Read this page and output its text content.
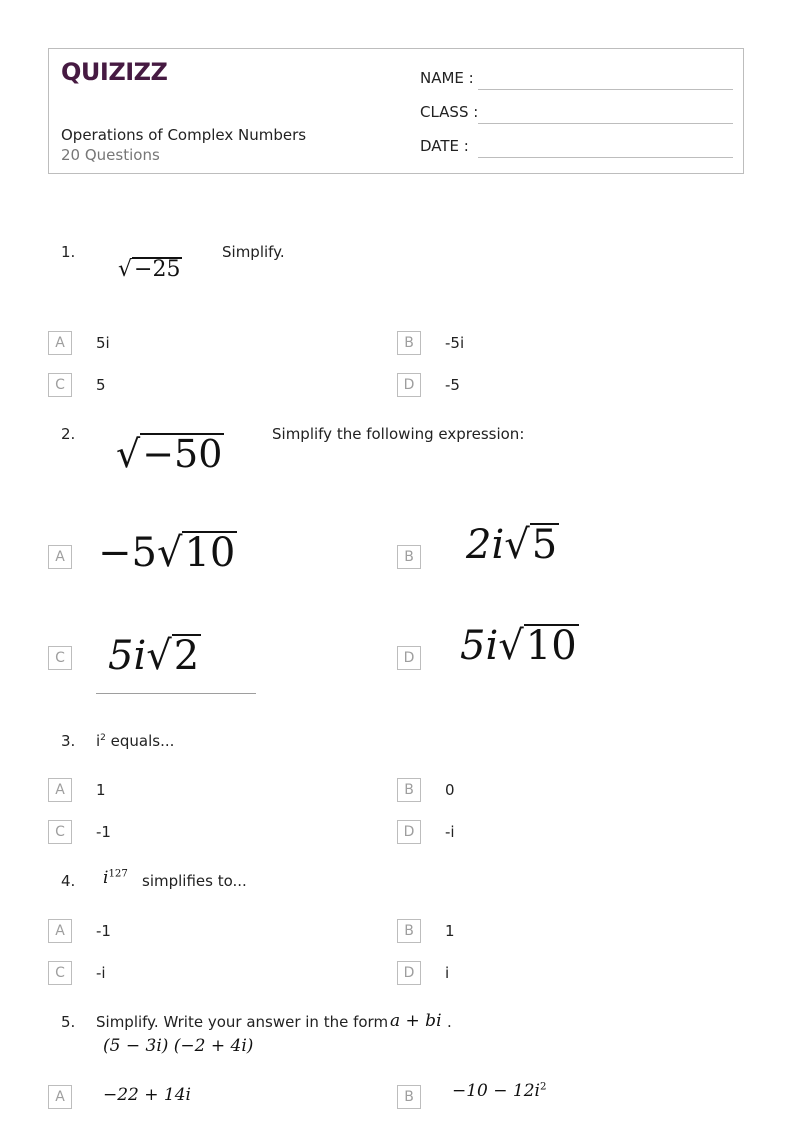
QUIZIZZ
Operations of Complex Numbers
20 Questions
NAME :
CLASS :
DATE :
1.
√−25
Simplify.
A	5i	B	-5i
C	5	D	-5
2. √−50	Simplify the following expression:
A −5√10	B 2i√5
C 5i√2	D 5i√10
3. $i^2$ equals...
A	1	B	0
C	-1	D	-i
4. $i^{127}$ simplifies to...
A	-1	B	1
C	-i	D	i
5. Simplify. Write your answer in the form a + bi .
(5 − 3i) (−2 + 4i)
A	−22 + 14i	B	$-10 - 12i^2$
